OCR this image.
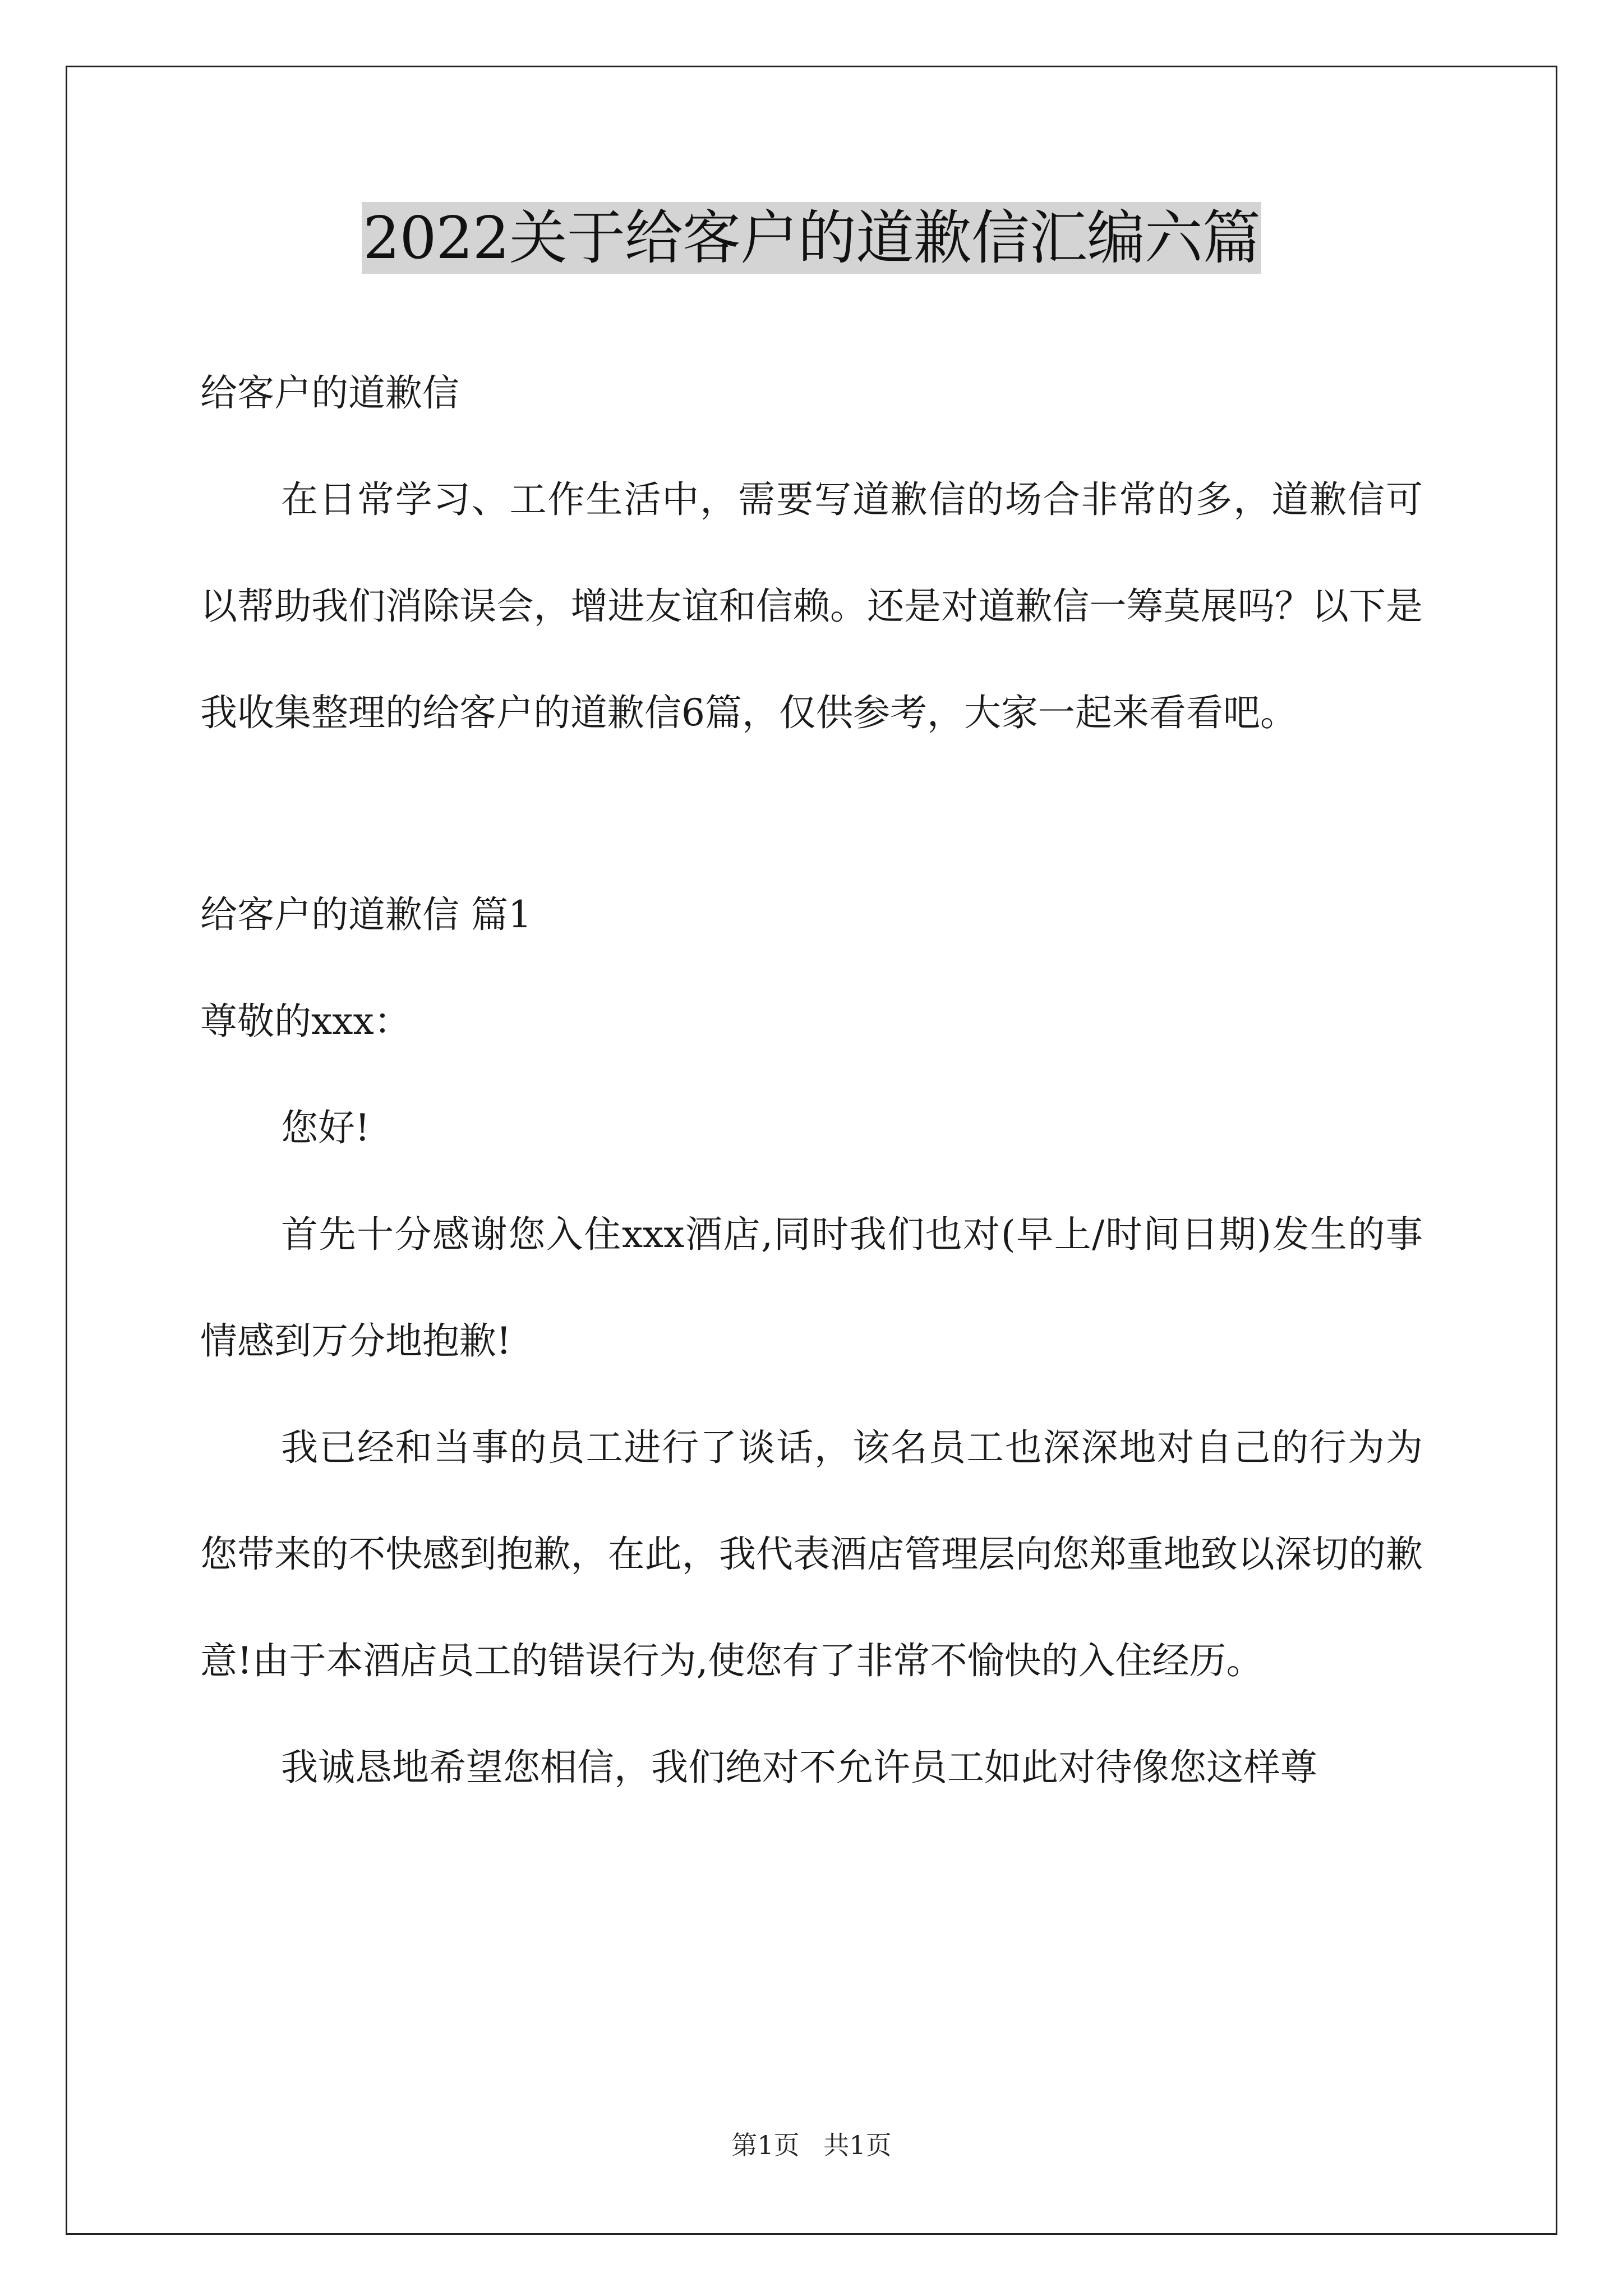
2022关于给客户的道歉信汇编六篇

给客户的道歉信

在日常学习、工作生活中，需要写道歉信的场合非常的多，道歉信可以帮助我们消除误会，增进友谊和信赖。还是对道歉信一筹莫展吗？以下是我收集整理的给客户的道歉信6篇，仅供参考，大家一起来看看吧。

给客户的道歉信 篇1

尊敬的xxx：

您好!

首先十分感谢您入住xxx酒店,同时我们也对(早上/时间日期)发生的事情感到万分地抱歉!

我已经和当事的员工进行了谈话，该名员工也深深地对自己的行为为您带来的不快感到抱歉，在此，我代表酒店管理层向您郑重地致以深切的歉意!由于本酒店员工的错误行为,使您有了非常不愉快的入住经历。

我诚恳地希望您相信，我们绝对不允许员工如此对待像您这样尊

第1页 共1页
